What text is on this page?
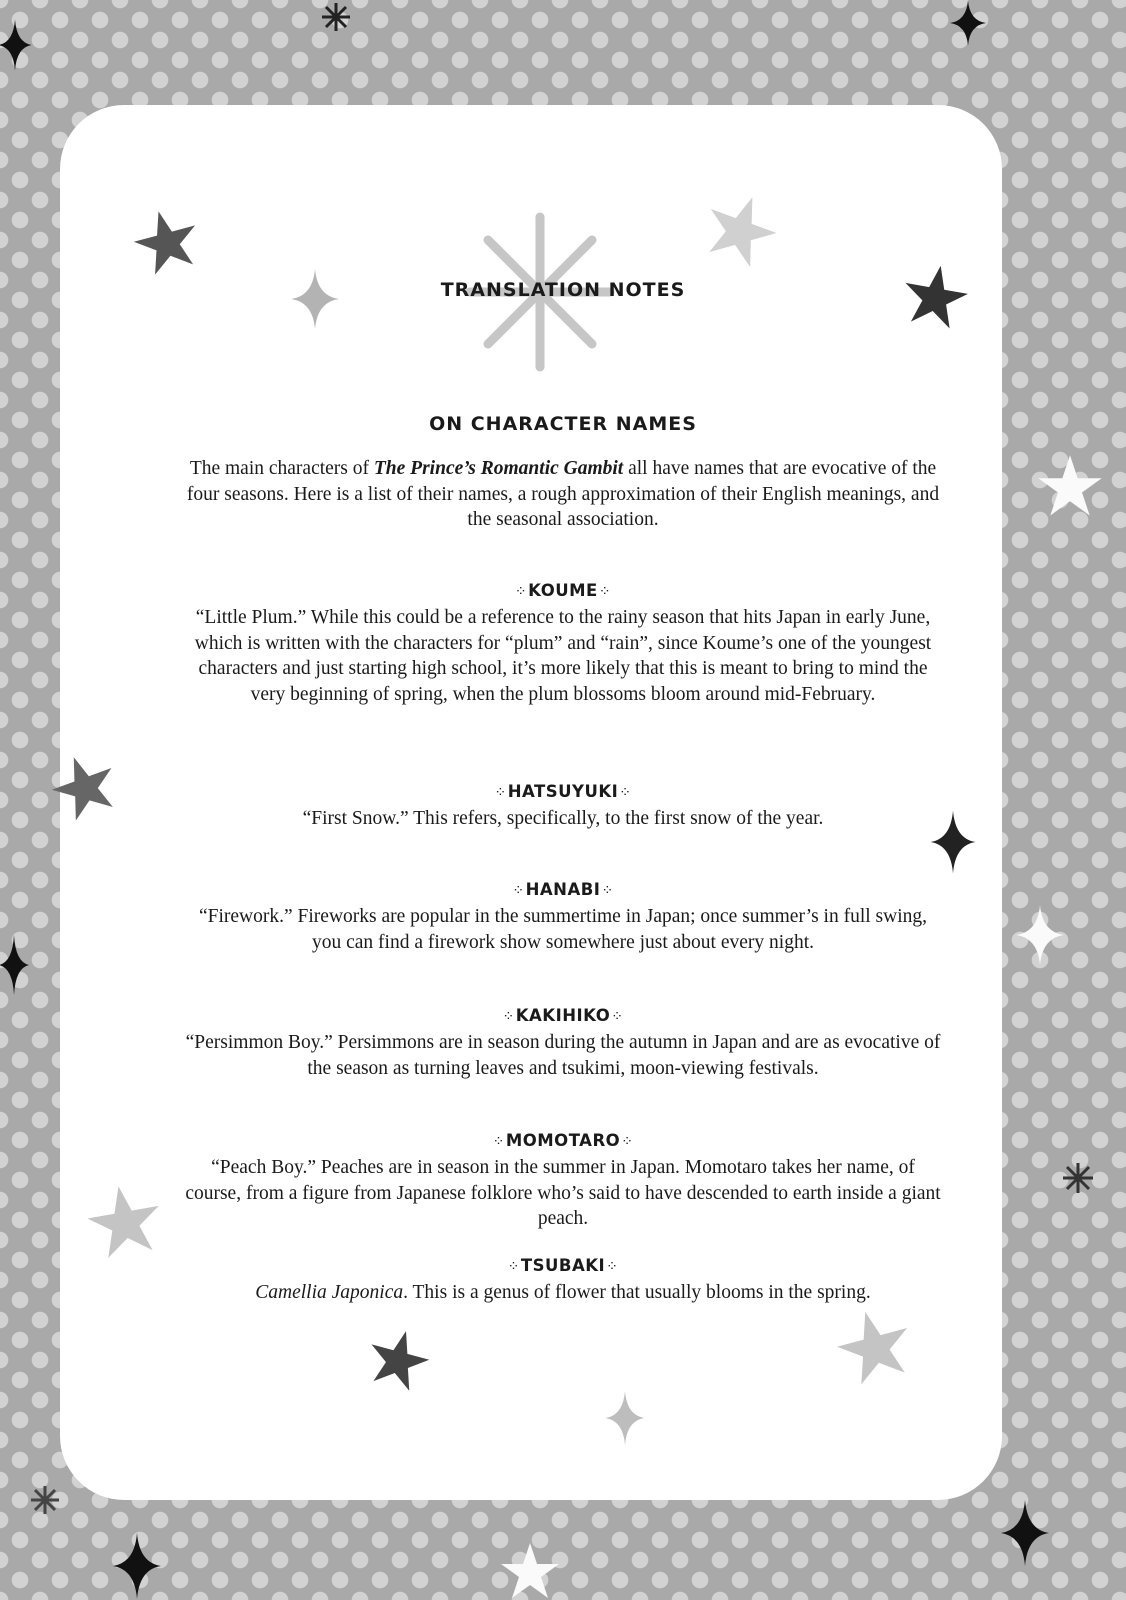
TRANSLATION NOTES
ON CHARACTER NAMES

The main characters of The Prince’s Romantic Gambit all have names that are evocative of the four seasons. Here is a list of their names, a rough approximation of their English meanings, and the seasonal association.

⁘KOUME⁘

“Little Plum.” While this could be a reference to the rainy season that hits Japan in early June, which is written with the characters for “plum” and “rain”, since Koume’s one of the youngest characters and just starting high school, it’s more likely that this is meant to bring to mind the very beginning of spring, when the plum blossoms bloom around mid-February.

⁘HATSUYUKI⁘

“First Snow.” This refers, specifically, to the first snow of the year.

⁘HANABI⁘

“Firework.” Fireworks are popular in the summertime in Japan; once summer’s in full swing, you can find a firework show somewhere just about every night.

⁘KAKIHIKO⁘

“Persimmon Boy.” Persimmons are in season during the autumn in Japan and are as evocative of the season as turning leaves and tsukimi, moon-viewing festivals.

⁘MOMOTARO⁘

“Peach Boy.” Peaches are in season in the summer in Japan. Momotaro takes her name, of course, from a figure from Japanese folklore who’s said to have descended to earth inside a giant peach.

⁘TSUBAKI⁘

Camellia Japonica. This is a genus of flower that usually blooms in the spring.
